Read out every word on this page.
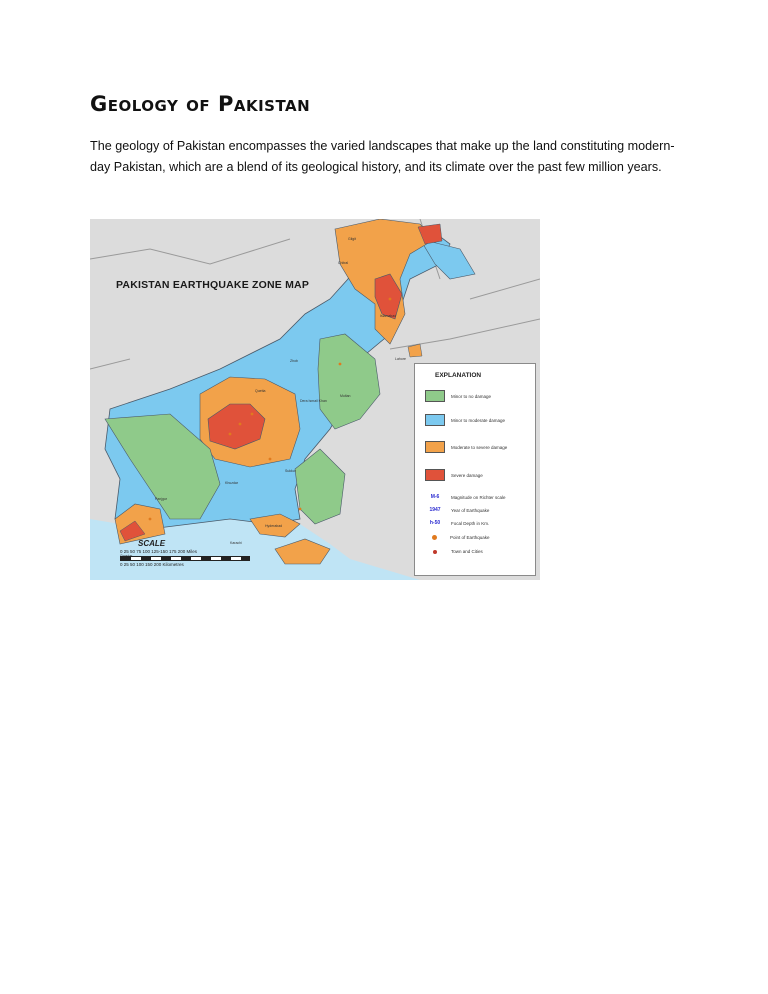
Geology of Pakistan
The geology of Pakistan encompasses the varied landscapes that make up the land constituting modern-day Pakistan, which are a blend of its geological history, and its climate over the past few million years.
PAKISTAN EARTHQUAKE ZONE MAP
Gilgit
Chitral
Islamabad
Lahore
Multan
Quetta
Dera Ismail Khan
Sukkur
Hyderabad
Karachi
Panjgur
Khuzdar
Zhob
SCALE
0 25 50 75 100 125-150 175 200 Miles
0 25 50 100 150 200 Kilometres
EXPLANATION
Minor to no damage
Minor to moderate damage
Moderate to severe damage
Severe damage
M-6	Magnitude on Richter scale
1947	Year of Earthquake
h-50	Focal Depth in Km.
Point of Earthquake
Town and Cities
